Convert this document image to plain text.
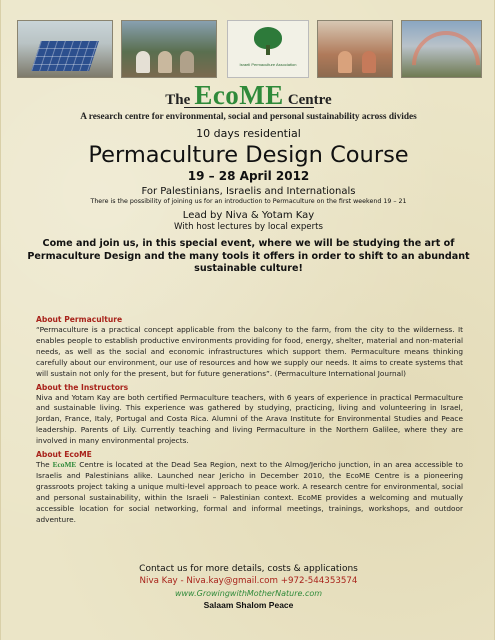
Israeli Permaculture Association
The EcoME Centre
A research centre for environmental, social and personal sustainability across divides
10 days residential
Permaculture Design Course
19 – 28 April 2012
For Palestinians, Israelis and Internationals
There is the possibility of joining us for an introduction to Permaculture on the first weekend 19 – 21
Lead by Niva & Yotam Kay
With host lectures by local experts
Come and join us, in this special event, where we will be studying the art of Permaculture Design and the many tools it offers in order to shift to an abundant sustainable culture!
About Permaculture

“Permaculture is a practical concept applicable from the balcony to the farm, from the city to the wilderness. It enables people to establish productive environments providing for food, energy, shelter, material and non-material needs, as well as the social and economic infrastructures which support them. Permaculture means thinking carefully about our environment, our use of resources and how we supply our needs. It aims to create systems that will sustain not only for the present, but for future generations”. (Permaculture International Journal)

About the Instructors

Niva and Yotam Kay are both certified Permaculture teachers, with 6 years of experience in practical Permaculture and sustainable living. This experience was gathered by studying, practicing, living and volunteering in Israel, Jordan, France, Italy, Portugal and Costa Rica. Alumni of the Arava Institute for Environmental Studies and Peace leadership. Parents of Lily. Currently teaching and living Permaculture in the Northern Galilee, where they are involved in many environmental projects.

About EcoME

The EcoME Centre is located at the Dead Sea Region, next to the Almog/Jericho junction, in an area accessible to Israelis and Palestinians alike. Launched near Jericho in December 2010, the EcoME Centre is a pioneering grassroots project taking a unique multi-level approach to peace work. A research centre for environmental, social and personal sustainability, within the Israeli – Palestinian context. EcoME provides a welcoming and mutually accessible location for social networking, formal and informal meetings, trainings, workshops, and outdoor adventure.

Contact us for more details, costs & applications
Niva Kay - Niva.kay@gmail.com +972-544353574
www.GrowingwithMotherNature.com
Salaam Shalom Peace
